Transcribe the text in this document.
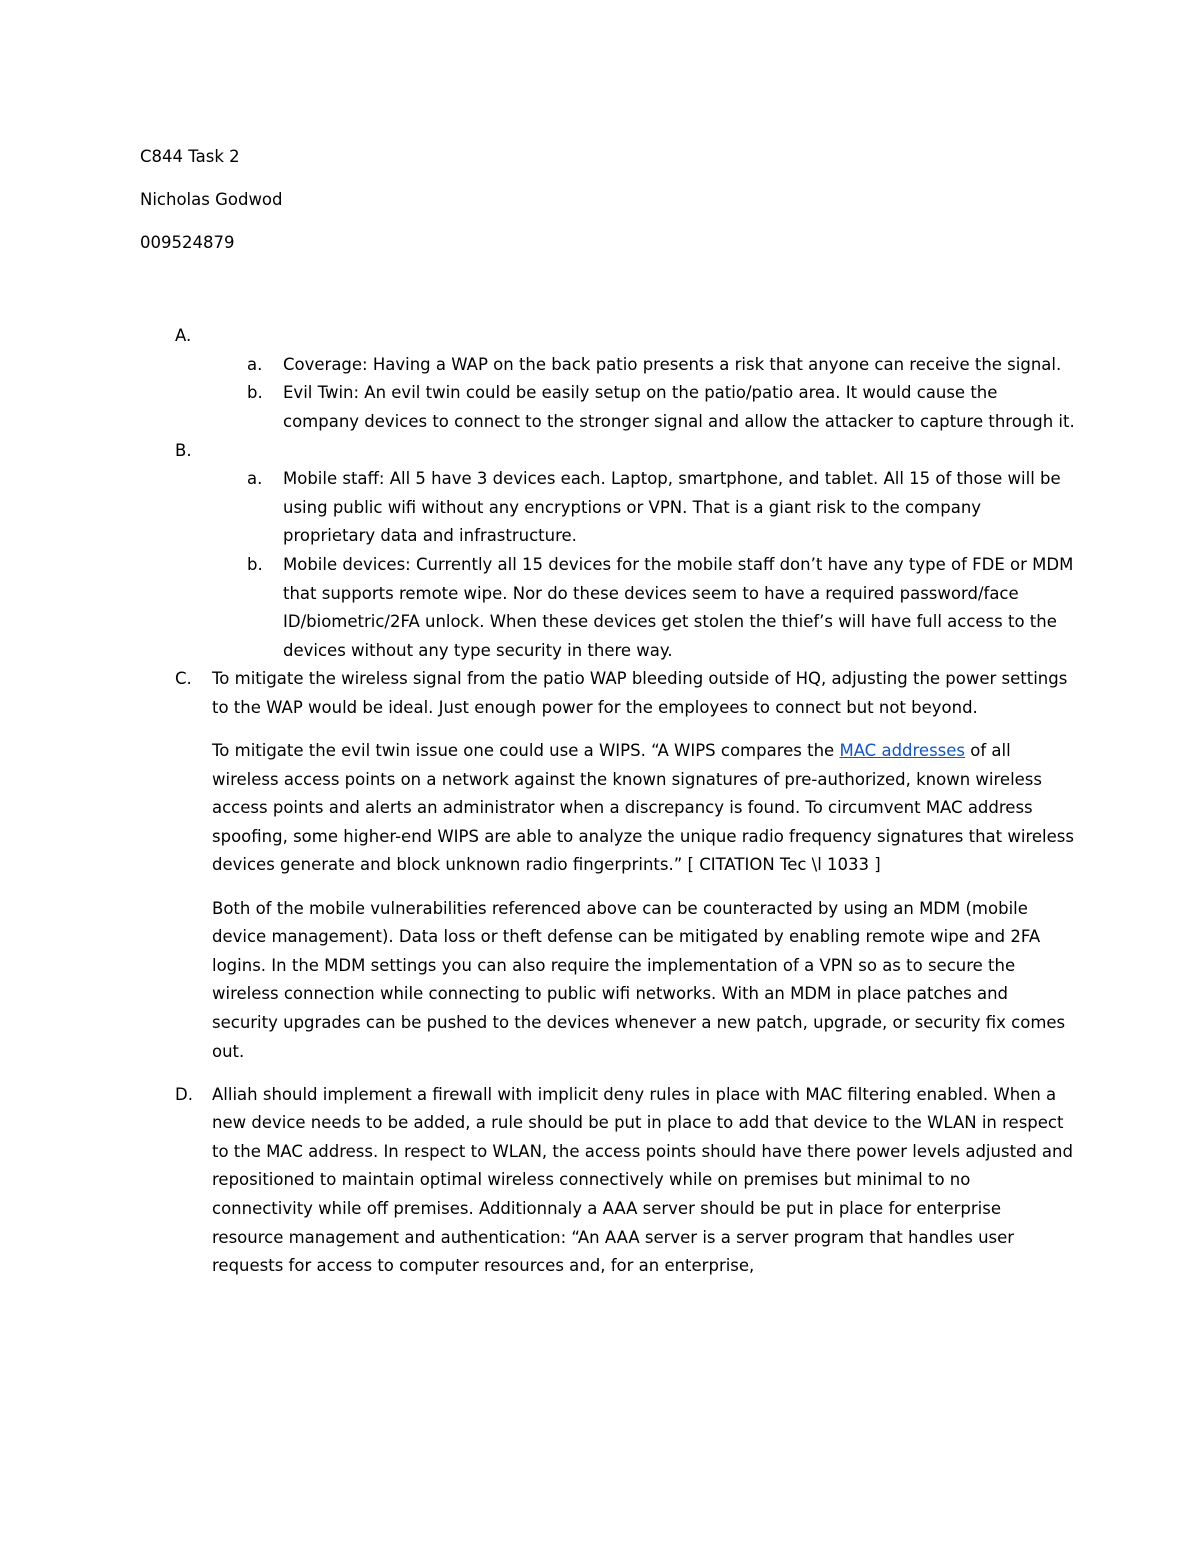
C844 Task 2
Nicholas Godwod
009524879
A.

a. Coverage: Having a WAP on the back patio presents a risk that anyone can receive the signal.
b. Evil Twin: An evil twin could be easily setup on the patio/patio area. It would cause the company devices to connect to the stronger signal and allow the attacker to capture through it.
B.

a. Mobile staff: All 5 have 3 devices each. Laptop, smartphone, and tablet. All 15 of those will be using public wifi without any encryptions or VPN. That is a giant risk to the company proprietary data and infrastructure.
b. Mobile devices: Currently all 15 devices for the mobile staff don’t have any type of FDE or MDM that supports remote wipe. Nor do these devices seem to have a required password/face ID/biometric/2FA unlock. When these devices get stolen the thief’s will have full access to the devices without any type security in there way.
C. To mitigate the wireless signal from the patio WAP bleeding outside of HQ, adjusting the power settings to the WAP would be ideal. Just enough power for the employees to connect but not beyond.
To mitigate the evil twin issue one could use a WIPS. “A WIPS compares the MAC addresses of all wireless access points on a network against the known signatures of pre-authorized, known wireless access points and alerts an administrator when a discrepancy is found. To circumvent MAC address spoofing, some higher-end WIPS are able to analyze the unique radio frequency signatures that wireless devices generate and block unknown radio fingerprints.” [ CITATION Tec \l 1033 ]
Both of the mobile vulnerabilities referenced above can be counteracted by using an MDM (mobile device management). Data loss or theft defense can be mitigated by enabling remote wipe and 2FA logins. In the MDM settings you can also require the implementation of a VPN so as to secure the wireless connection while connecting to public wifi networks. With an MDM in place patches and security upgrades can be pushed to the devices whenever a new patch, upgrade, or security fix comes out.
D. Alliah should implement a firewall with implicit deny rules in place with MAC filtering enabled. When a new device needs to be added, a rule should be put in place to add that device to the WLAN in respect to the MAC address. In respect to WLAN, the access points should have there power levels adjusted and repositioned to maintain optimal wireless connectively while on premises but minimal to no connectivity while off premises. Additionnaly a AAA server should be put in place for enterprise resource management and authentication: “An AAA server is a server program that handles user requests for access to computer resources and, for an enterprise,
